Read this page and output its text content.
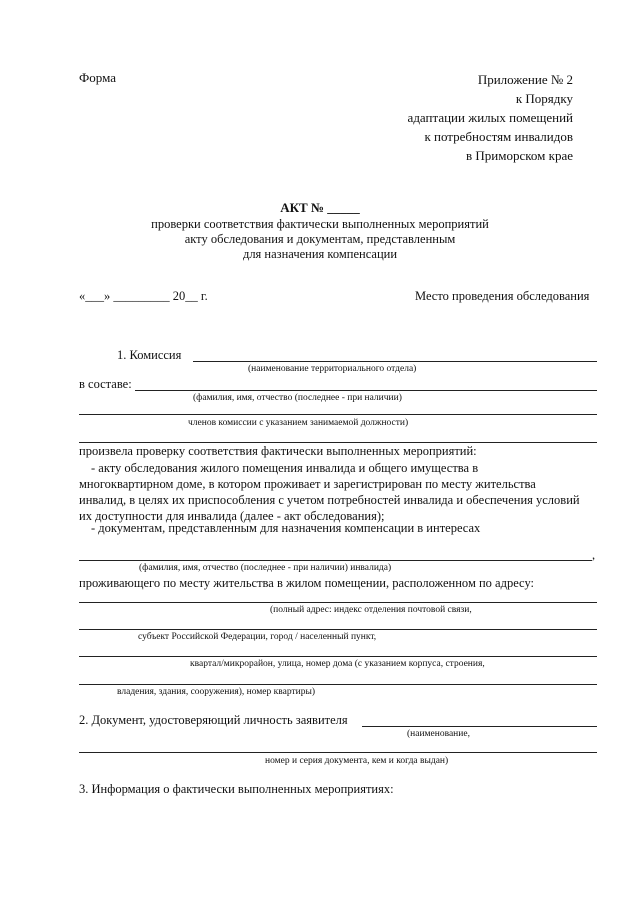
Форма	Приложение № 2
к Порядку
адаптации жилых помещений
к потребностям инвалидов
в Приморском крае
АКТ № _____
проверки соответствия фактически выполненных мероприятий
акту обследования и документам, представленным
для назначения компенсации
«___» _________ 20__ г.	Место проведения обследования
1. Комиссия
(наименование территориального отдела)
в составе:
(фамилия, имя, отчество (последнее - при наличии)
членов комиссии с указанием занимаемой должности)
произвела проверку соответствия фактически выполненных мероприятий:
- акту обследования жилого помещения инвалида и общего имущества в
многоквартирном доме, в котором проживает и зарегистрирован по месту жительства
инвалид, в целях их приспособления с учетом потребностей инвалида и обеспечения условий
их доступности для инвалида (далее - акт обследования);
- документам, представленным для назначения компенсации в интересах
,
(фамилия, имя, отчество (последнее - при наличии) инвалида)
проживающего по месту жительства в жилом помещении, расположенном по адресу:
(полный адрес: индекс отделения почтовой связи,
субъект Российской Федерации, город / населенный пункт,
квартал/микрорайон, улица, номер дома (с указанием корпуса, строения,
владения, здания, сооружения), номер квартиры)
2. Документ, удостоверяющий личность заявителя
(наименование,
номер и серия документа, кем и когда выдан)
3. Информация о фактически выполненных мероприятиях:
